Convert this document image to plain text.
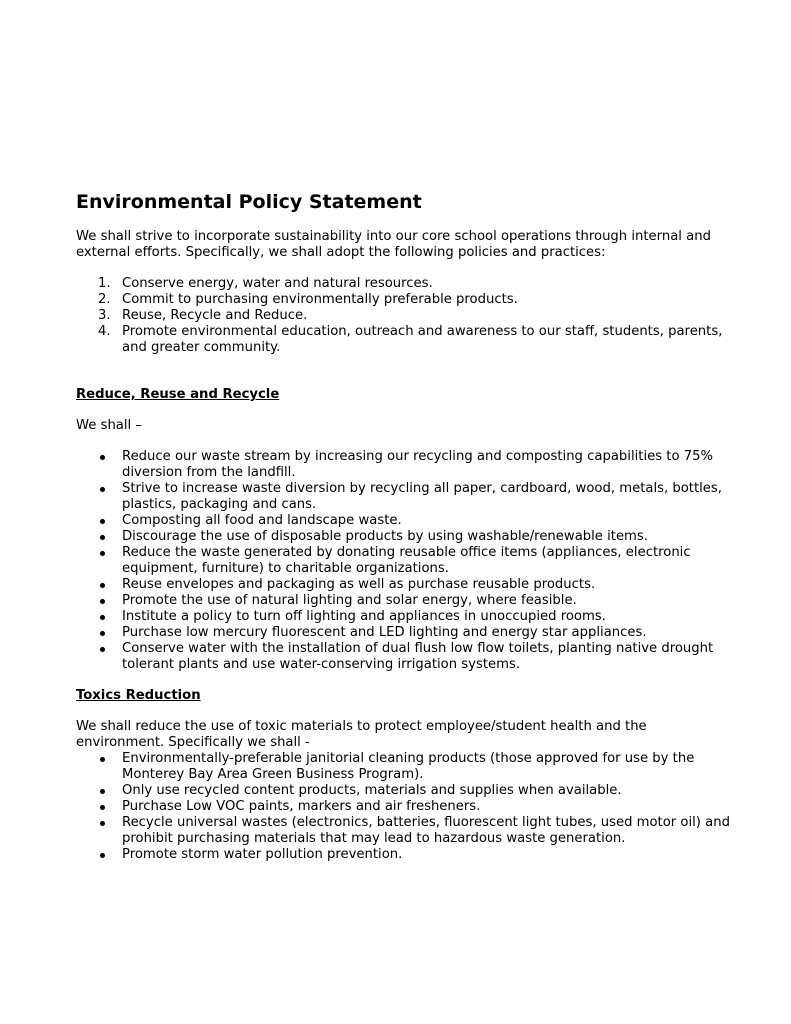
Environmental Policy Statement

We shall strive to incorporate sustainability into our core school operations through internal and external efforts. Specifically, we shall adopt the following policies and practices:

1. Conserve energy, water and natural resources.
2. Commit to purchasing environmentally preferable products.
3. Reuse, Recycle and Reduce.
4. Promote environmental education, outreach and awareness to our staff, students, parents, and greater community.
Reduce, Reuse and Recycle

We shall –

Reduce our waste stream by increasing our recycling and composting capabilities to 75% diversion from the landfill.
Strive to increase waste diversion by recycling all paper, cardboard, wood, metals, bottles, plastics, packaging and cans.
Composting all food and landscape waste.
Discourage the use of disposable products by using washable/renewable items.
Reduce the waste generated by donating reusable office items (appliances, electronic equipment, furniture) to charitable organizations.
Reuse envelopes and packaging as well as purchase reusable products.
Promote the use of natural lighting and solar energy, where feasible.
Institute a policy to turn off lighting and appliances in unoccupied rooms.
Purchase low mercury fluorescent and LED lighting and energy star appliances.
Conserve water with the installation of dual flush low flow toilets, planting native drought tolerant plants and use water-conserving irrigation systems.
Toxics Reduction

We shall reduce the use of toxic materials to protect employee/student health and the environment. Specifically we shall -

Environmentally-preferable janitorial cleaning products (those approved for use by the Monterey Bay Area Green Business Program).
Only use recycled content products, materials and supplies when available.
Purchase Low VOC paints, markers and air fresheners.
Recycle universal wastes (electronics, batteries, fluorescent light tubes, used motor oil) and prohibit purchasing materials that may lead to hazardous waste generation.
Promote storm water pollution prevention.
